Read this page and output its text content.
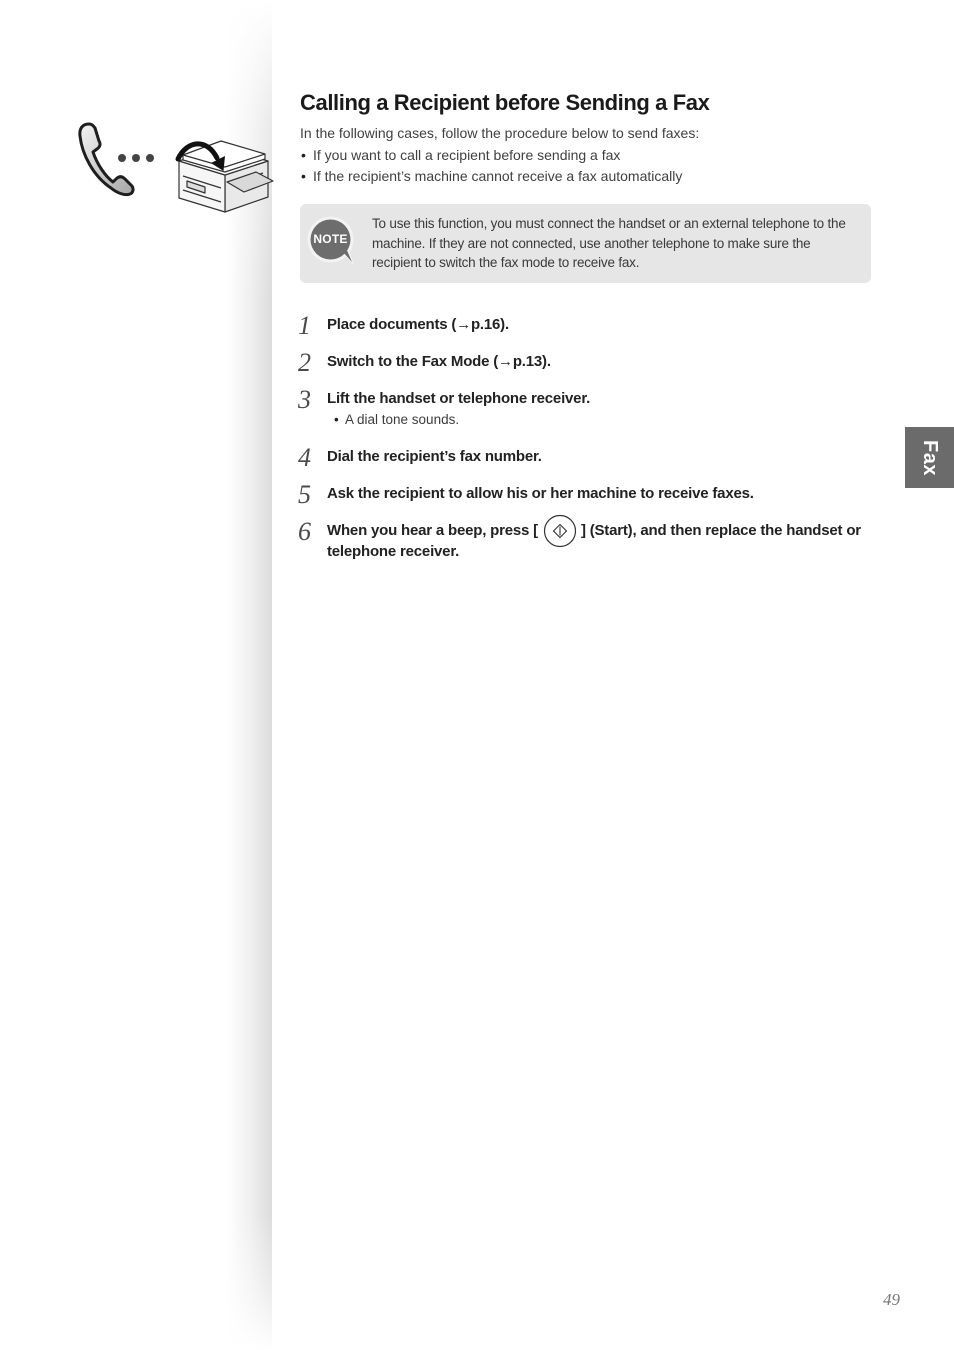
Calling a Recipient before Sending a Fax

In the following cases, follow the procedure below to send faxes:

• If you want to call a recipient before sending a fax
• If the recipient’s machine cannot receive a fax automatically
NOTE
To use this function, you must connect the handset or an external telephone to the machine. If they are not connected, use another telephone to make sure the recipient to switch the fax mode to receive fax.
1 Place documents (→p.16).
2 Switch to the Fax Mode (→p.13).
3 Lift the handset or telephone receiver.
• A dial tone sounds.
4 Dial the recipient’s fax number.
5 Ask the recipient to allow his or her machine to receive faxes.
6 When you hear a beep, press [	] (Start), and then replace the handset or telephone receiver.
Fax
49
